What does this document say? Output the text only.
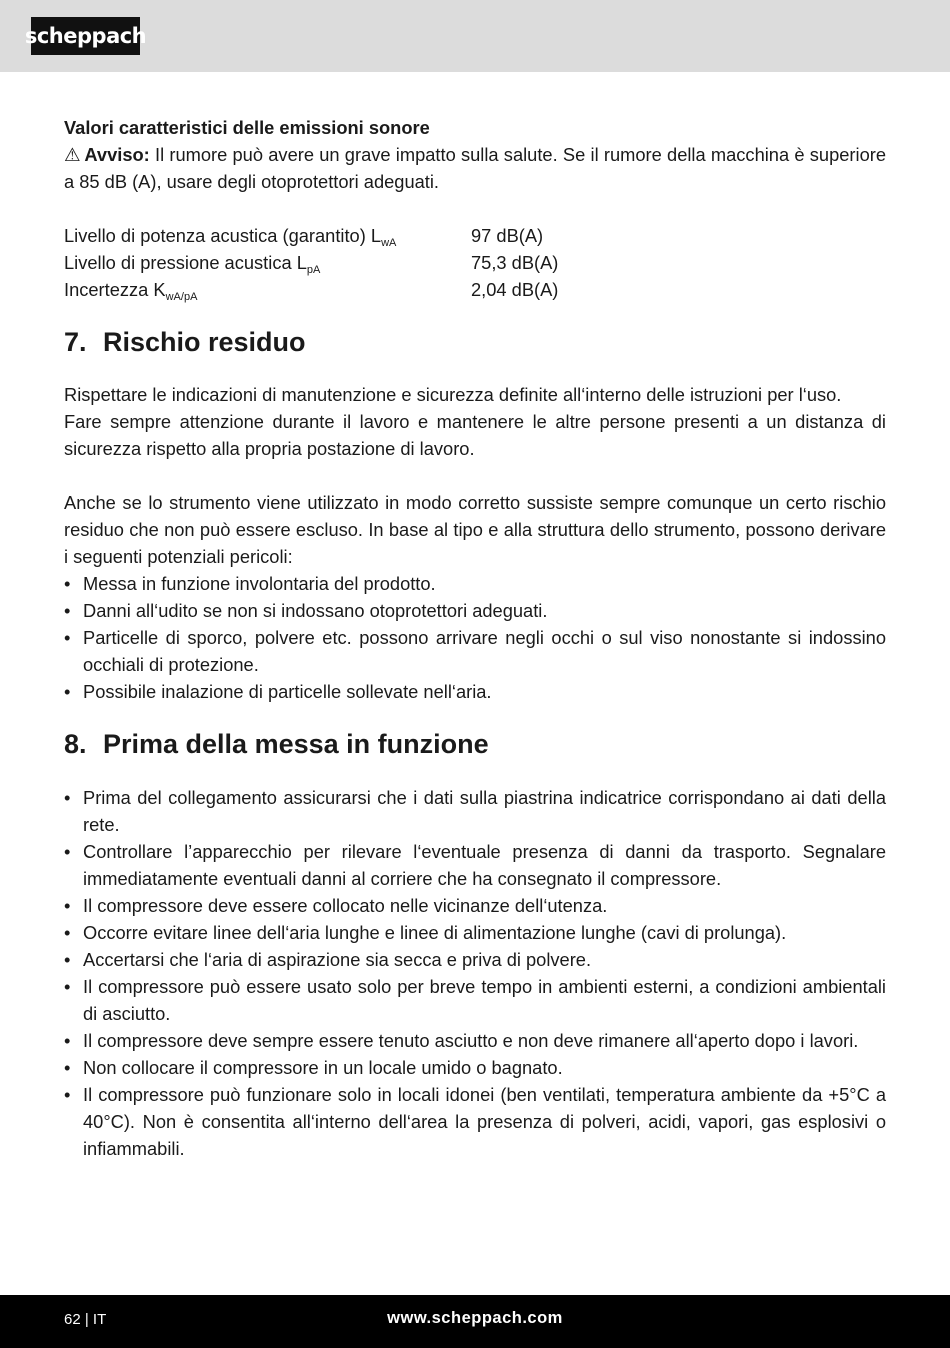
scheppach

Valori caratteristici delle emissioni sonore

⚠ Avviso: Il rumore può avere un grave impatto sulla salute. Se il rumore della macchina è superiore a 85 dB (A), usare degli otoprotettori adeguati.

Livello di potenza acustica (garantito) $L_{wA}$	97 dB(A)
Livello di pressione acustica $L_{pA}$	75,3 dB(A)
Incertezza $K_{wA/pA}$	2,04 dB(A)
7. Rischio residuo

Rispettare le indicazioni di manutenzione e sicurezza definite all‘interno delle istruzioni per l‘uso.

Fare sempre attenzione durante il lavoro e mantenere le altre persone presenti a un distanza di sicurezza rispetto alla propria postazione di lavoro.

Anche se lo strumento viene utilizzato in modo corretto sussiste sempre comunque un certo rischio residuo che non può essere escluso. In base al tipo e alla struttura dello strumento, possono derivare i seguenti potenziali pericoli:

• Messa in funzione involontaria del prodotto.
• Danni all‘udito se non si indossano otoprotettori adeguati.
• Particelle di sporco, polvere etc. possono arrivare negli occhi o sul viso nonostante si indossino occhiali di protezione.
• Possibile inalazione di particelle sollevate nell‘aria.
8. Prima della messa in funzione
• Prima del collegamento assicurarsi che i dati sulla piastrina indicatrice corrispondano ai dati della rete.
• Controllare l’apparecchio per rilevare l‘eventuale presenza di danni da trasporto. Segnalare immediatamente eventuali danni al corriere che ha consegnato il compressore.
• Il compressore deve essere collocato nelle vicinanze dell‘utenza.
• Occorre evitare linee dell‘aria lunghe e linee di alimentazione lunghe (cavi di prolunga).
• Accertarsi che l‘aria di aspirazione sia secca e priva di polvere.
• Il compressore può essere usato solo per breve tempo in ambienti esterni, a condizioni ambientali di asciutto.
• Il compressore deve sempre essere tenuto asciutto e non deve rimanere all‘aperto dopo i lavori.
• Non collocare il compressore in un locale umido o bagnato.
• Il compressore può funzionare solo in locali idonei (ben ventilati, temperatura ambiente da +5°C a 40°C). Non è consentita all‘interno dell‘area la presenza di polveri, acidi, vapori, gas esplosivi o infiammabili.
62 | IT	www.scheppach.com
